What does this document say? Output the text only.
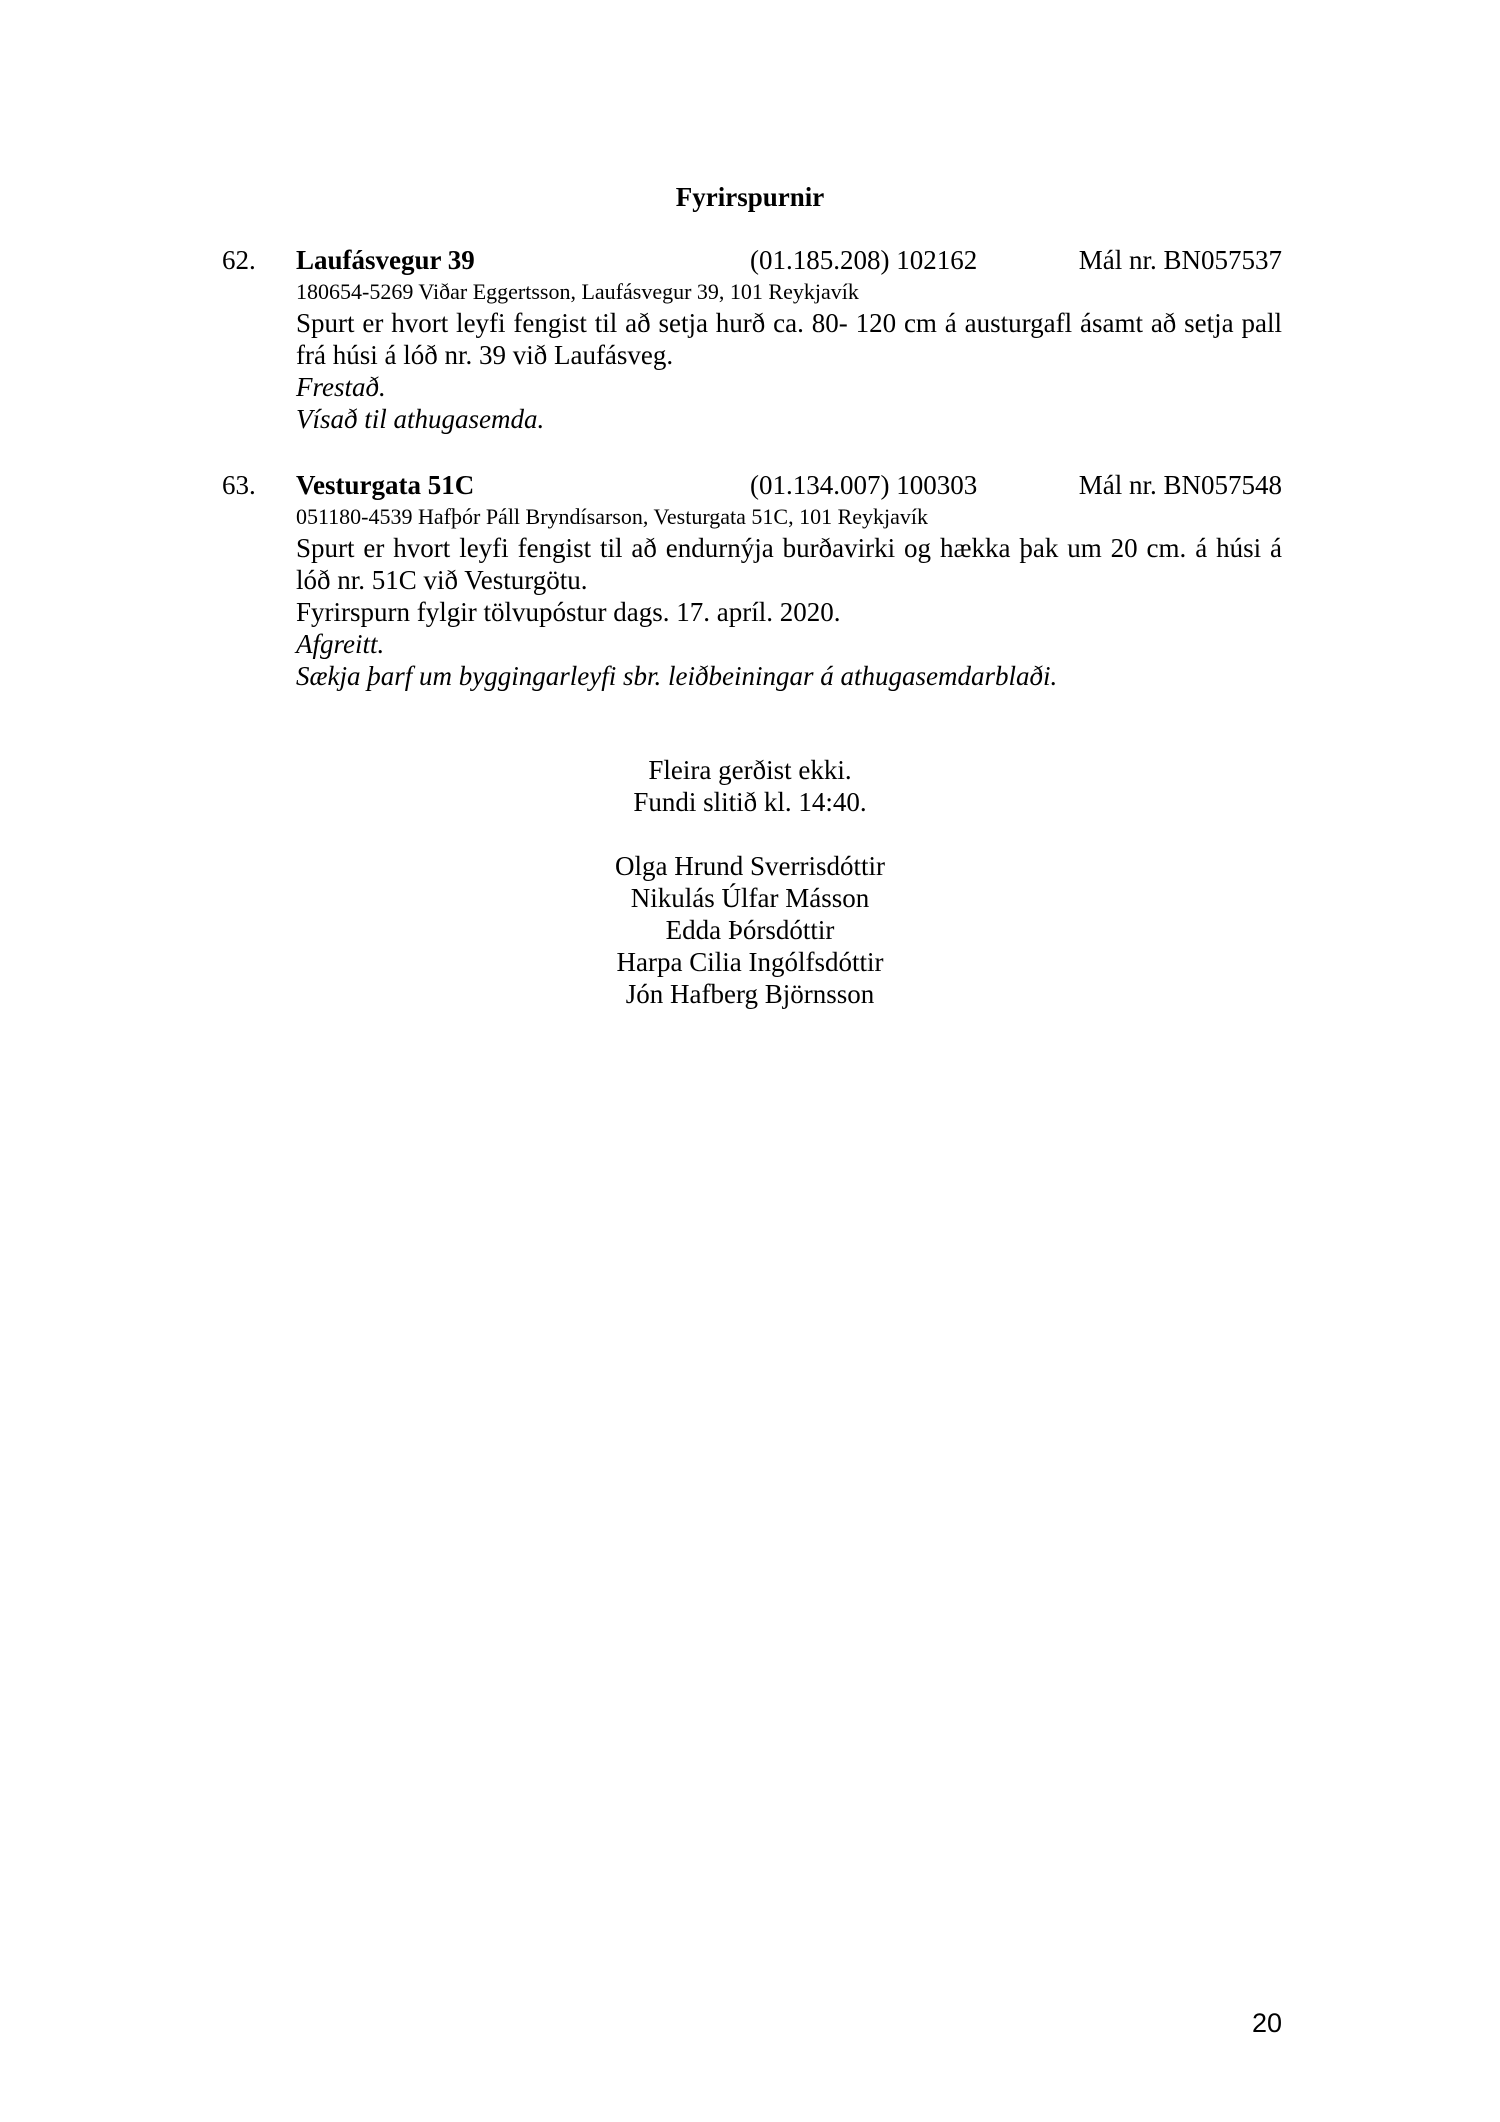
Fyrirspurnir
62. Laufásvegur 39	(01.185.208) 102162	Mál nr. BN057537
180654-5269 Viðar Eggertsson, Laufásvegur 39, 101 Reykjavík
Spurt er hvort leyfi fengist til að setja hurð ca. 80- 120 cm á austurgafl ásamt að setja pall frá húsi á lóð nr. 39 við Laufásveg.
Frestað.
Vísað til athugasemda.
63. Vesturgata 51C	(01.134.007) 100303	Mál nr. BN057548
051180-4539 Hafþór Páll Bryndísarson, Vesturgata 51C, 101 Reykjavík
Spurt er hvort leyfi fengist til að endurnýja burðavirki og hækka þak um 20 cm. á húsi á lóð nr. 51C við Vesturgötu.
Fyrirspurn fylgir tölvupóstur dags. 17. apríl. 2020.
Afgreitt.
Sækja þarf um byggingarleyfi sbr. leiðbeiningar á athugasemdarblaði.
Fleira gerðist ekki.
Fundi slitið kl. 14:40.
Olga Hrund Sverrisdóttir
Nikulás Úlfar Másson
Edda Þórsdóttir
Harpa Cilia Ingólfsdóttir
Jón Hafberg Björnsson
20
